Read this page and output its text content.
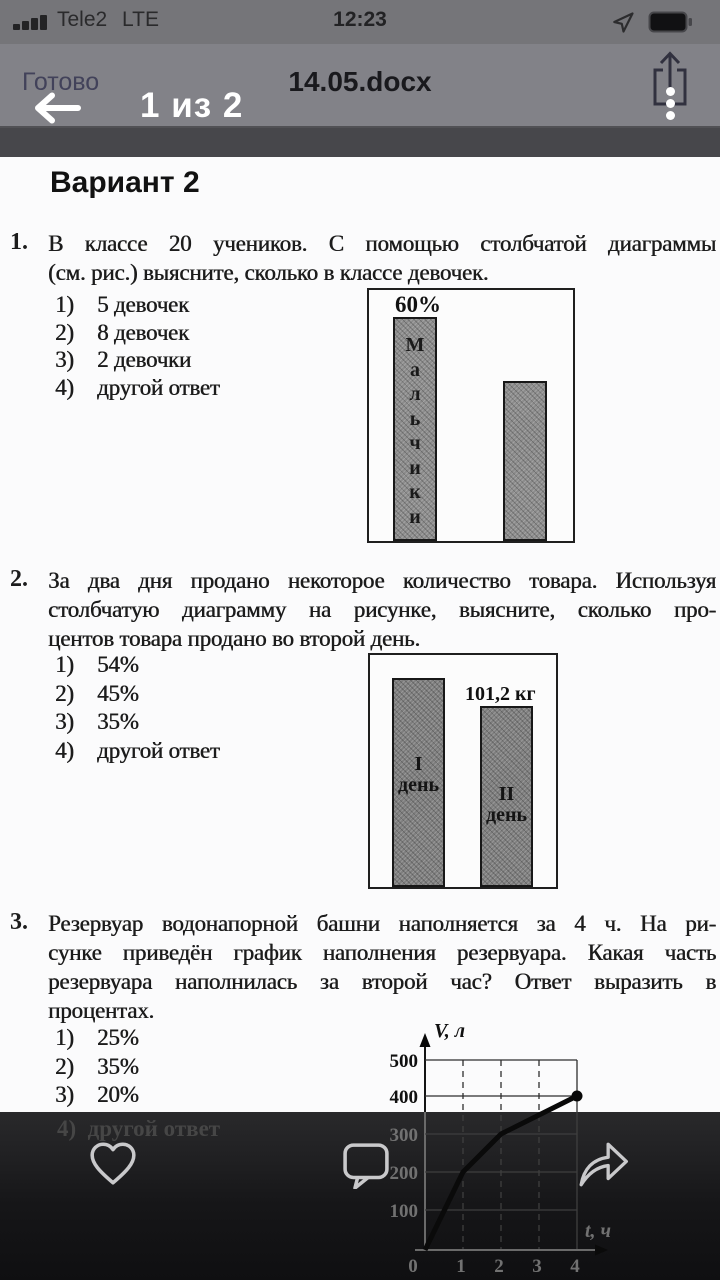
Tele2 LTE	12:23
Готово	14.05.docx
1 из 2
Вариант 2
1. В классе 20 учеников. С помощью столбчатой диаграммы
(см. рис.) выясните, сколько в классе девочек.
1) 5 девочек
2) 8 девочек
3) 2 девочки
4) другой ответ
60%
М
а
л
ь
ч
и
к
и
2. За два дня продано некоторое количество товара. Используя
столбчатую диаграмму на рисунке, выясните, сколько про-
центов товара продано во второй день.
1) 54%
2) 45%
3) 35%
4) другой ответ
101,2 кг
I
день	II
день
3. Резервуар водонапорной башни наполняется за 4 ч. На ри-
сунке приведён график наполнения резервуара. Какая часть
резервуара наполнилась за второй час? Ответ выразить в
процентах.
1) 25%
2) 35%
3) 20%
V, л
500
400
4) другой ответ
t, ч
300
200
100
0 1 2 3 4
